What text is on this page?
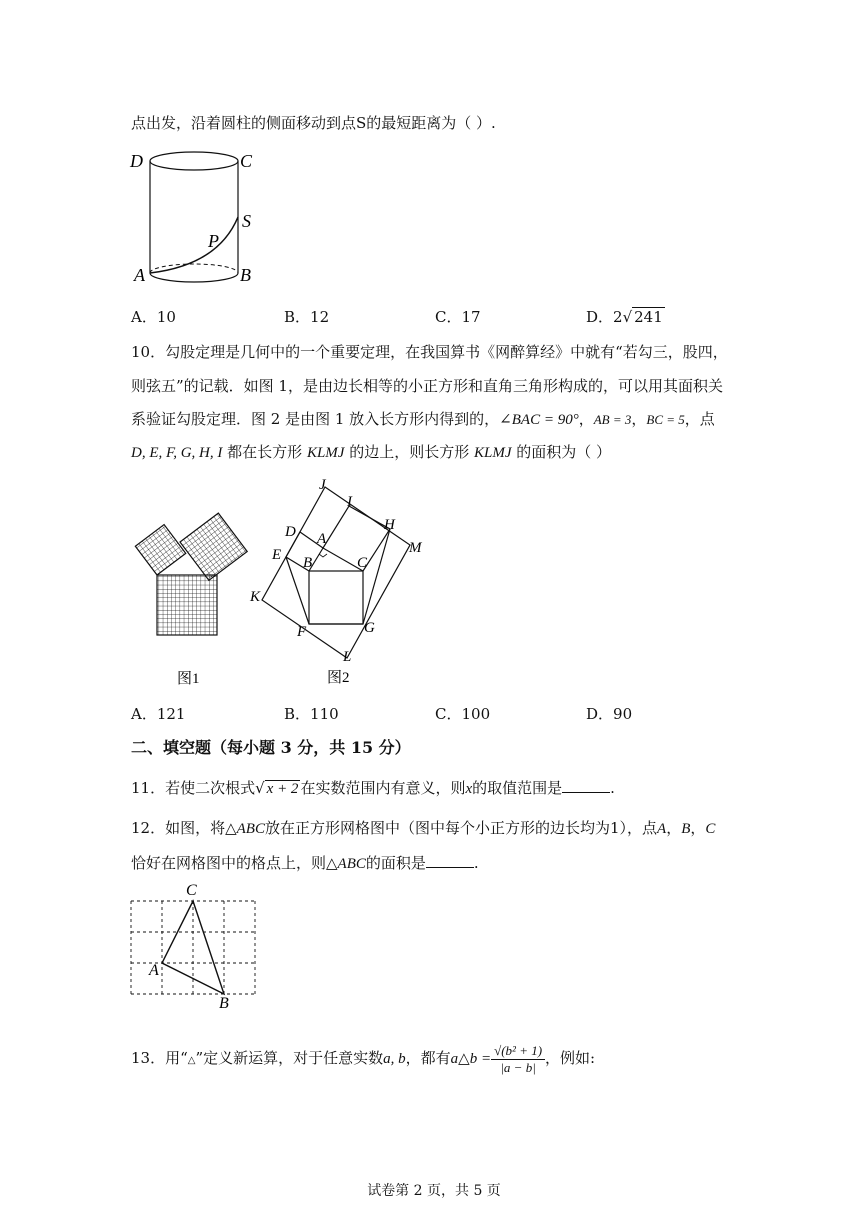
点出发，沿着圆柱的侧面移动到点S的最短距离为（ ）.
D	C
S
P
A	B
A．10	B．12	C．17	D．2√ 241
10．勾股定理是几何中的一个重要定理，在我国算书《网醉算经》中就有“若勾三，股四，
则弦五”的记载．如图 1，是由边长相等的小正方形和直角三角形构成的，可以用其面积关
系验证勾股定理．图 2 是由图 1 放入长方形内得到的，∠BAC = 90°，AB = 3，BC = 5，点
D, E, F, G, H, I 都在长方形 KLMJ 的边上，则长方形 KLMJ 的面积为（ ）
图1
J
I
H
M
D A
E B	C
K
F	G
L
图2
A．121	B．110	C．100	D．90
二、填空题（每小题 3 分，共 15 分）
11．若使二次根式√ x + 2 在实数范围内有意义，则x的取值范围是	.
12．如图，将△ABC放在正方形网格图中（图中每个小正方形的边长均为1），点A，B，C
恰好在网格图中的格点上，则△ABC的面积是	.
C
A
B
13．用“△”定义新运算，对于任意实数a, b，都有a△b = $\frac{\text{√(b² + 1)}}{|a - b|}$ ，例如:
试卷第 2 页，共 5 页
